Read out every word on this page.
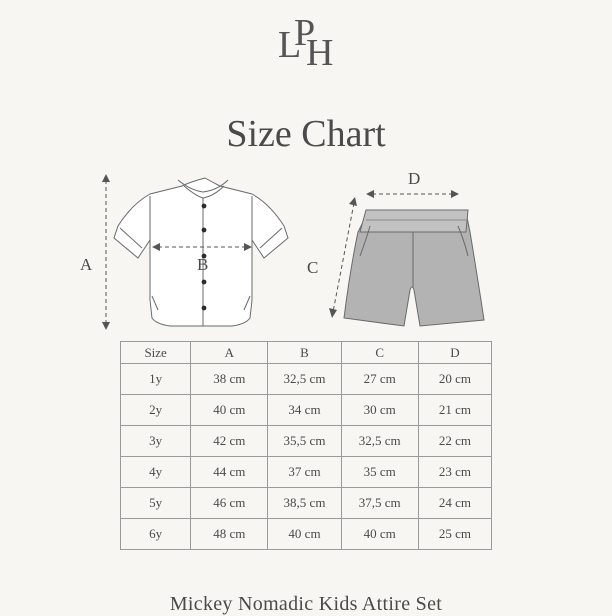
L
P
H
Size Chart
A	B	C
D
Size	A	B	C	D
1y	38 cm	32,5 cm	27 cm	20 cm
2y	40 cm	34 cm	30 cm	21 cm
3y	42 cm	35,5 cm	32,5 cm	22 cm
4y	44 cm	37 cm	35 cm	23 cm
5y	46 cm	38,5 cm	37,5 cm	24 cm
6y	48 cm	40 cm	40 cm	25 cm
Mickey Nomadic Kids Attire Set
